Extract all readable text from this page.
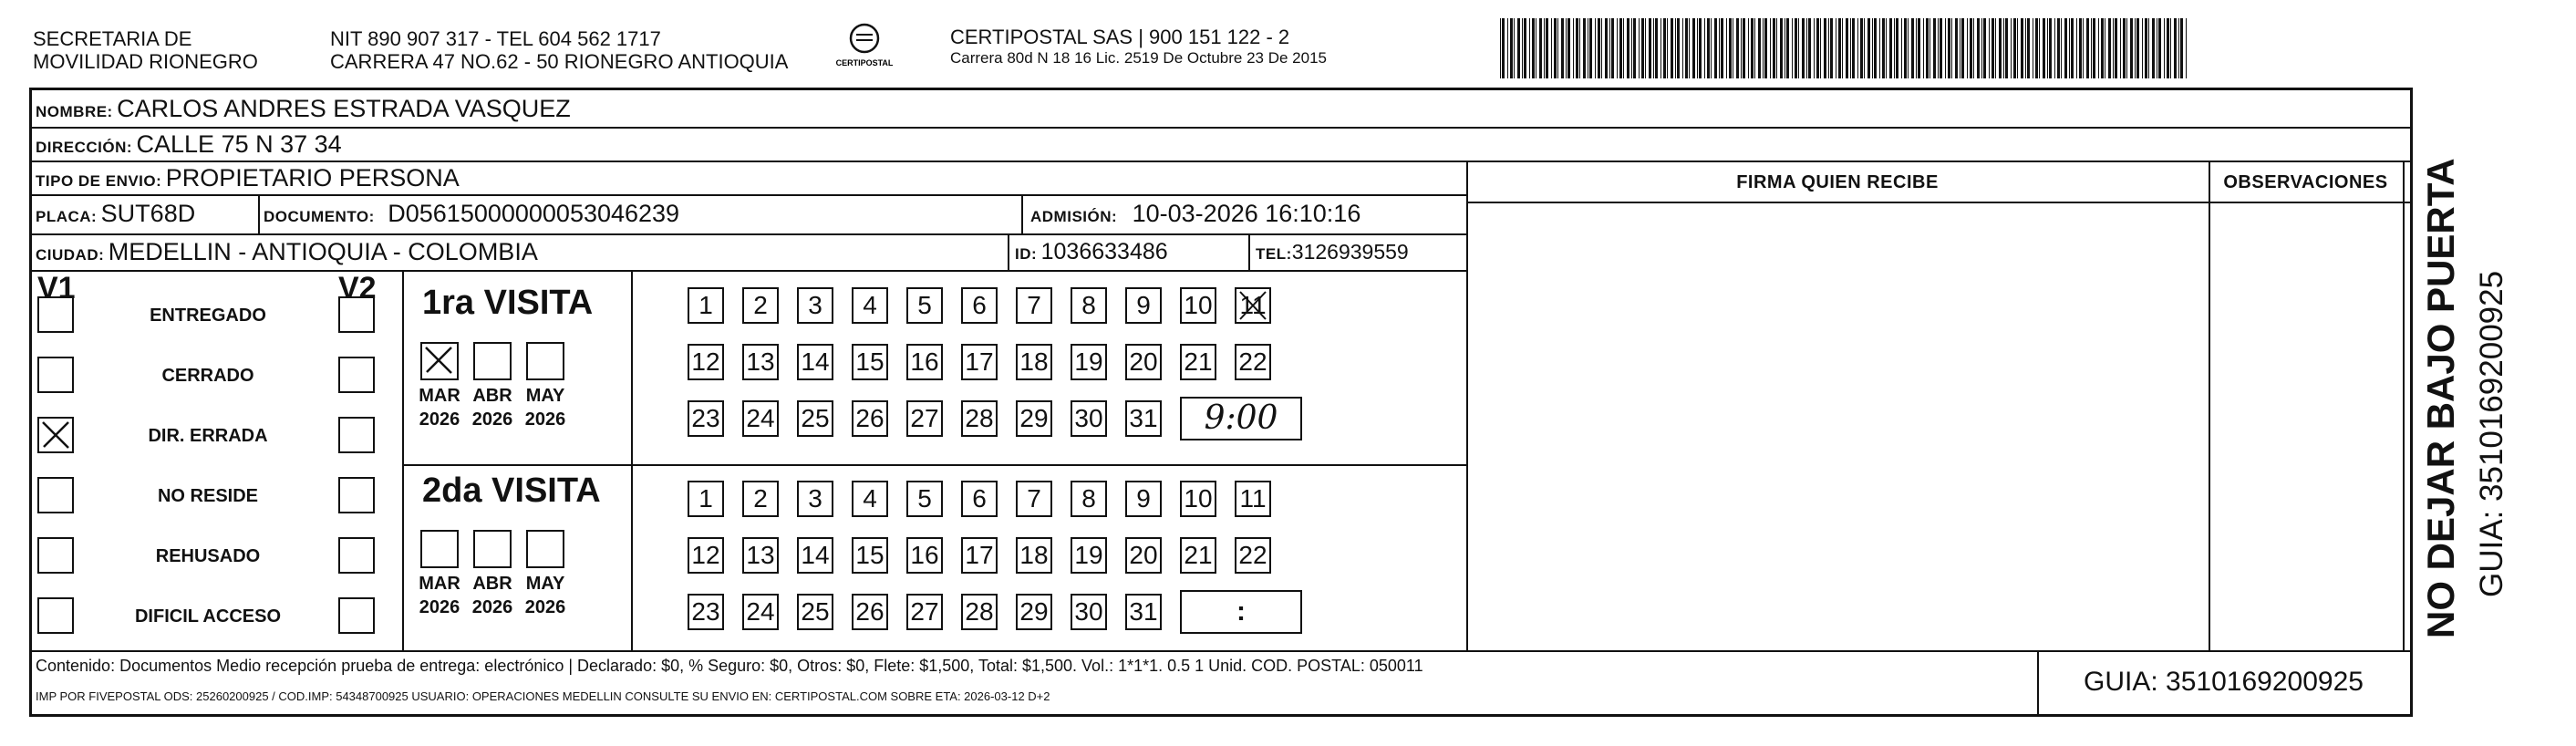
SECRETARIA DE
MOVILIDAD RIONEGRO
NIT 890 907 317 - TEL 604 562 1717
CARRERA 47 NO.62 - 50 RIONEGRO ANTIOQUIA	CERTIPOSTAL
CERTIPOSTAL SAS | 900 151 122 - 2
Carrera 80d N 18 16 Lic. 2519 De Octubre 23 De 2015
NOMBRE: CARLOS ANDRES ESTRADA VASQUEZ
DIRECCIÓN: CALLE 75 N 37 34
TIPO DE ENVIO: PROPIETARIO PERSONA
PLACA: SUT68D	DOCUMENTO: D05615000000053046239	ADMISIÓN: 10-03-2026 16:10:16
CIUDAD: MEDELLIN - ANTIOQUIA - COLOMBIA	ID: 1036633486	TEL:3126939559
FIRMA QUIEN RECIBE	OBSERVACIONES
V1	V2
ENTREGADO
CERRADO
DIR. ERRADA
NO RESIDE
REHUSADO
DIFICIL ACCESO
1ra VISITA
MAR
2026
ABR
2026
MAY
2026
1	2	3	4	5	6	7	8	9	10 11
12 13 14 15 16 17 18 19 20 21 22
23 24 25 26 27 28 29 30 31	9:00
2da VISITA
MAR
2026
ABR
2026
MAY
2026
1	2	3	4	5	6	7	8	9	10 11
12 13 14 15 16 17 18 19 20 21 22
23 24 25 26 27 28 29 30 31	:
Contenido: Documentos Medio recepción prueba de entrega: electrónico | Declarado: $0, % Seguro: $0, Otros: $0, Flete: $1,500, Total: $1,500. Vol.: 1*1*1. 0.5 1 Unid. COD. POSTAL: 050011
IMP POR FIVEPOSTAL ODS: 25260200925 / COD.IMP: 54348700925 USUARIO: OPERACIONES MEDELLIN CONSULTE SU ENVIO EN: CERTIPOSTAL.COM SOBRE ETA: 2026-03-12 D+2	GUIA: 3510169200925
NO DEJAR BAJO PUERTA GUIA: 3510169200925
